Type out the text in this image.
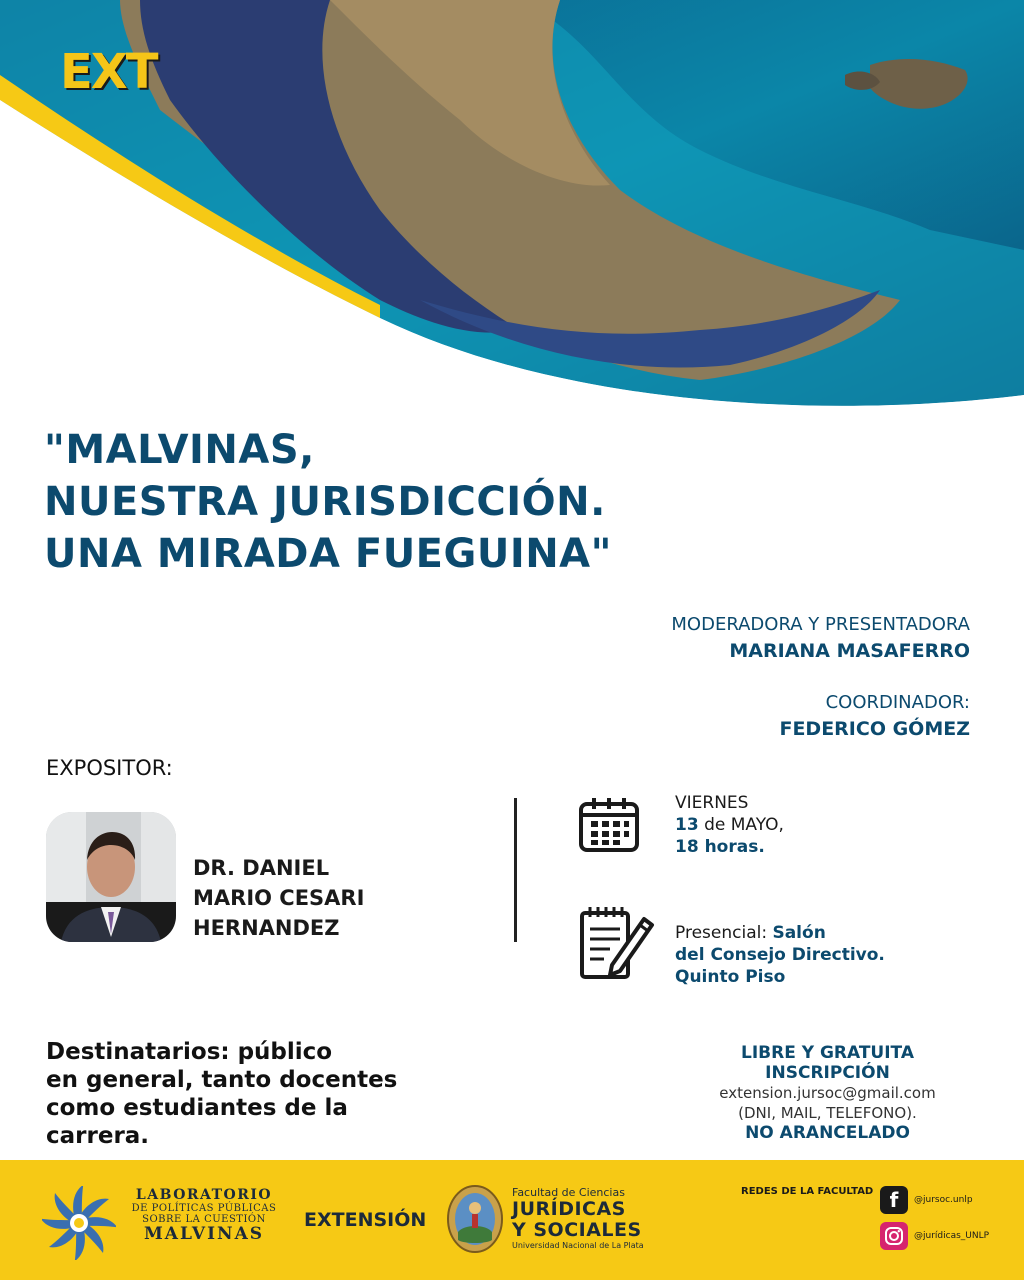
EXT
"MALVINAS,
NUESTRA JURISDICCIÓN.
UNA MIRADA FUEGUINA"
MODERADORA Y PRESENTADORA
MARIANA MASAFERRO
COORDINADOR:
FEDERICO GÓMEZ
EXPOSITOR:
DR. DANIEL
MARIO CESARI
HERNANDEZ
VIERNES
13 de MAYO,
18 horas.
Presencial: Salón
del Consejo Directivo.
Quinto Piso
Destinatarios: público
en general, tanto docentes
como estudiantes de la
carrera.
LIBRE Y GRATUITA
INSCRIPCIÓN
extension.jursoc@gmail.com
(DNI, MAIL, TELEFONO).
NO ARANCELADO
LABORATORIO
DE POLÍTICAS PÚBLICAS
SOBRE LA CUESTIÓN
MALVINAS
EXTENSIÓN
Facultad de Ciencias
JURÍDICAS
Y SOCIALES
Universidad Nacional de La Plata
REDES DE LA FACULTAD f	@jursoc.unlp
@jurídicas_UNLP
